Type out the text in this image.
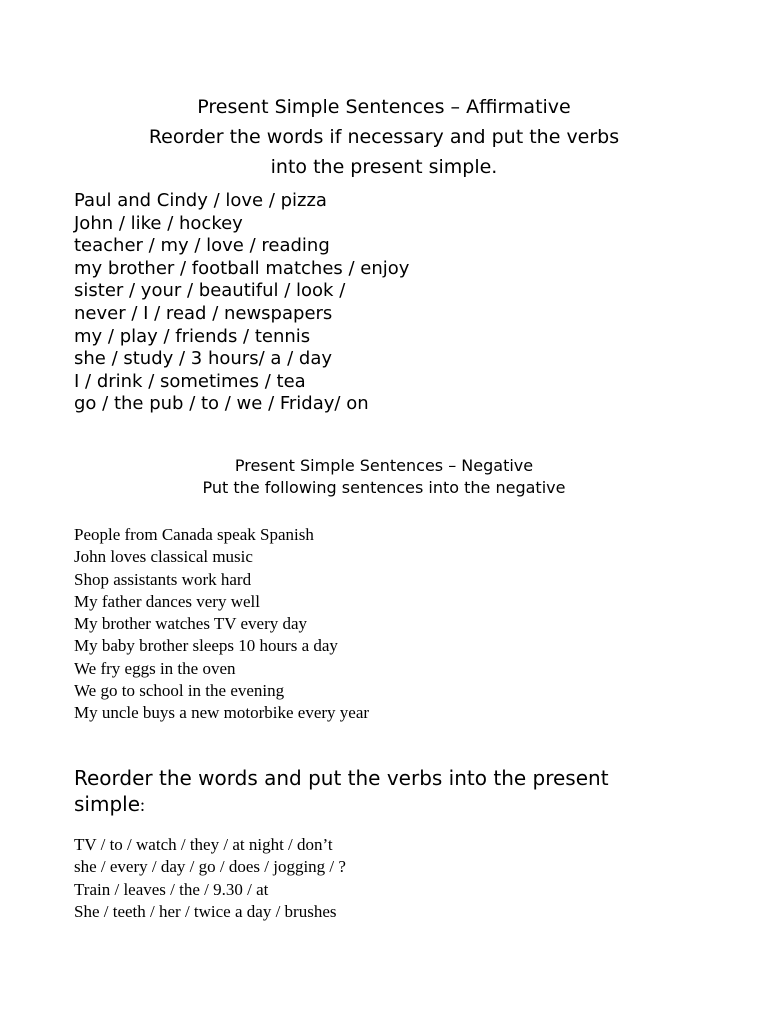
Present Simple Sentences – Affirmative
Reorder the words if necessary and put the verbs
into the present simple.
Paul and Cindy / love / pizza
John / like / hockey
teacher / my / love / reading
my brother / football matches / enjoy
sister / your / beautiful / look /
never / I / read / newspapers
my / play / friends / tennis
she / study / 3 hours/ a / day
I / drink / sometimes / tea
go / the pub / to / we / Friday/ on
Present Simple Sentences – Negative
Put the following sentences into the negative
People from Canada speak Spanish
John loves classical music
Shop assistants work hard
My father dances very well
My brother watches TV every day
My baby brother sleeps 10 hours a day
We fry eggs in the oven
We go to school in the evening
My uncle buys a new motorbike every year
Reorder the words and put the verbs into the present
simple:
TV / to / watch / they / at night / don’t
she / every / day / go / does / jogging / ?
Train / leaves / the / 9.30 / at
She / teeth / her / twice a day / brushes
